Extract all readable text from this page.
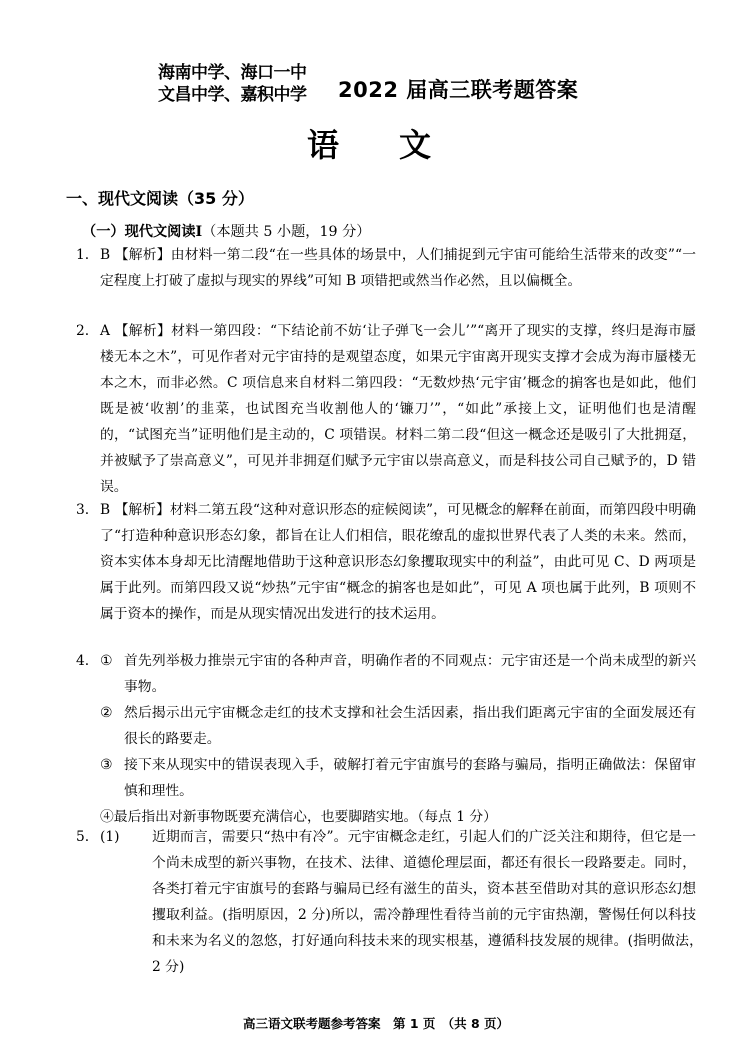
海南中学、海口一中
文昌中学、嘉积中学 2022 届高三联考题答案
语　文
一、现代文阅读（35 分）
（一）现代文阅读Ⅰ（本题共 5 小题，19 分）
1. B 【解析】由材料一第二段“在一些具体的场景中，人们捕捉到元宇宙可能给生活带来的改变”“一定程度上打破了虚拟与现实的界线”可知 B 项错把或然当作必然，且以偏概全。
2. A 【解析】材料一第四段：“下结论前不妨‘让子弹飞一会儿’”“离开了现实的支撑，终归是海市蜃楼无本之木”，可见作者对元宇宙持的是观望态度，如果元宇宙离开现实支撑才会成为海市蜃楼无本之木，而非必然。C 项信息来自材料二第四段：“无数炒热‘元宇宙’概念的掮客也是如此，他们既是被‘收割’的韭菜，也试图充当收割他人的‘镰刀’”，“如此”承接上文，证明他们也是清醒的，“试图充当”证明他们是主动的，C 项错误。材料二第二段“但这一概念还是吸引了大批拥趸，并被赋予了崇高意义”，可见并非拥趸们赋予元宇宙以崇高意义，而是科技公司自己赋予的，D 错误。
3. B 【解析】材料二第五段“这种对意识形态的症候阅读”，可见概念的解释在前面，而第四段中明确了“打造种种意识形态幻象，都旨在让人们相信，眼花缭乱的虚拟世界代表了人类的未来。然而，资本实体本身却无比清醒地借助于这种意识形态幻象攫取现实中的利益”，由此可见 C、D 两项是属于此列。而第四段又说“炒热”元宇宙“概念的掮客也是如此”，可见 A 项也属于此列，B 项则不属于资本的操作，而是从现实情况出发进行的技术运用。
4. ① 首先列举极力推崇元宇宙的各种声音，明确作者的不同观点：元宇宙还是一个尚未成型的新兴事物。
② 然后揭示出元宇宙概念走红的技术支撑和社会生活因素，指出我们距离元宇宙的全面发展还有很长的路要走。
③ 接下来从现实中的错误表现入手，破解打着元宇宙旗号的套路与骗局，指明正确做法：保留审慎和理性。
④最后指出对新事物既要充满信心，也要脚踏实地。（每点 1 分）
5. (1)	近期而言，需要只“热中有冷”。元宇宙概念走红，引起人们的广泛关注和期待，但它是一个尚未成型的新兴事物，在技术、法律、道德伦理层面，都还有很长一段路要走。同时，各类打着元宇宙旗号的套路与骗局已经有滋生的苗头，资本甚至借助对其的意识形态幻想攫取利益。(指明原因，2 分)所以，需冷静理性看待当前的元宇宙热潮，警惕任何以科技和未来为名义的忽悠，打好通向科技未来的现实根基，遵循科技发展的规律。(指明做法，　2 分)
高三语文联考题参考答案　第 1 页　（共 8 页）
